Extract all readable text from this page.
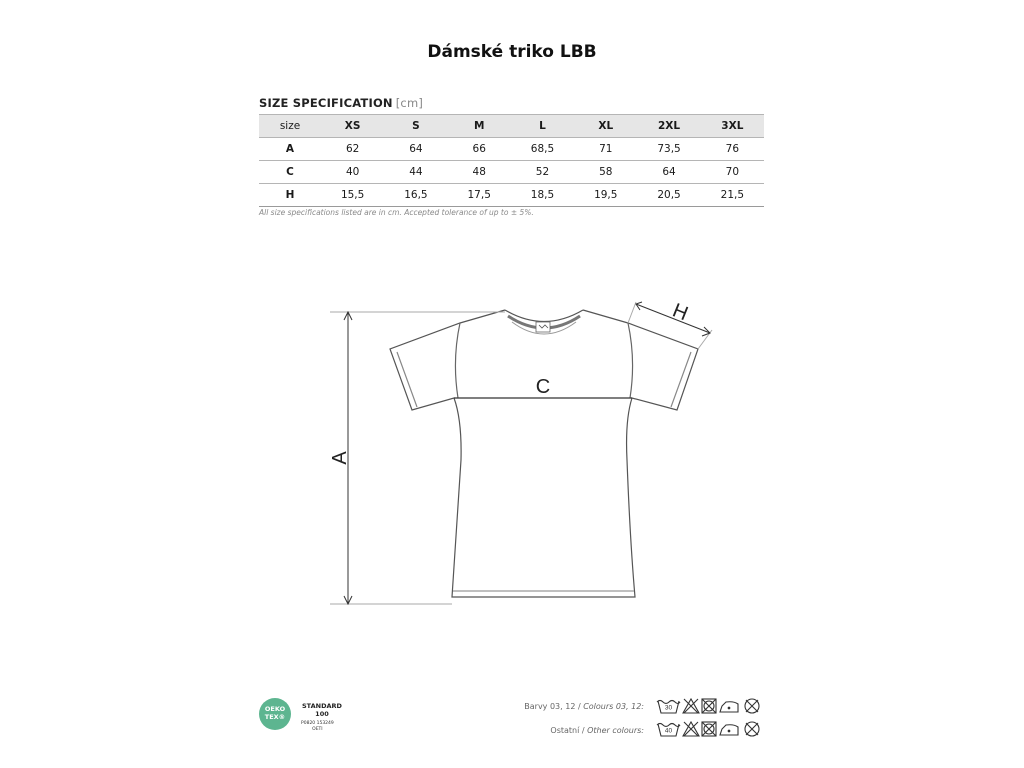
Dámské triko LBB
SIZE SPECIFICATION [cm]
size	XS	S	M	L	XL	2XL	3XL
A	62	64	66	68,5	71	73,5	76
C	40	44	48	52	58	64	70
H	15,5	16,5	17,5	18,5	19,5	20,5	21,5
All size specifications listed are in cm. Accepted tolerance of up to ± 5%.
C
A
H
OEKO
TEX®
STANDARD
100
P0820 153249
OETI
Barvy 03, 12 / Colours 03, 12:
Ostatní / Other colours:
30
40
